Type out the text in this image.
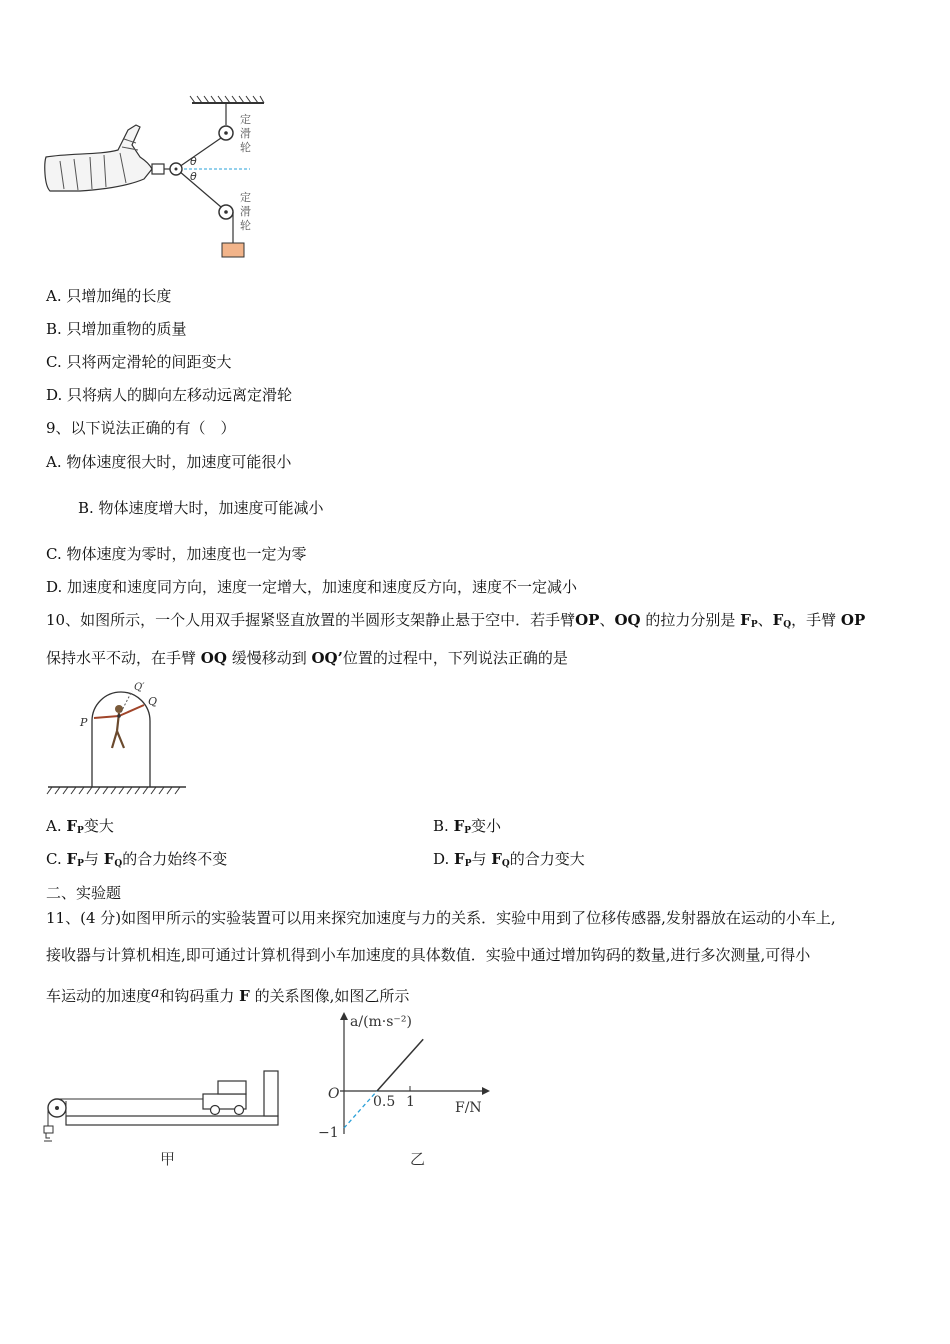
θ
θ
定滑轮
定滑轮
A. 只增加绳的长度
B. 只增加重物的质量
C. 只将两定滑轮的间距变大
D. 只将病人的脚向左移动远离定滑轮
9、以下说法正确的有（　）
A. 物体速度很大时，加速度可能很小
B. 物体速度增大时，加速度可能减小
C. 物体速度为零时，加速度也一定为零
D. 加速度和速度同方向，速度一定增大，加速度和速度反方向，速度不一定减小
10、如图所示，一个人用双手握紧竖直放置的半圆形支架静止悬于空中．若手臂OP、OQ 的拉力分别是 $F_P$、$F_Q$，手臂 OP
保持水平不动，在手臂 OQ 缓慢移动到 OQ’位置的过程中，下列说法正确的是
P
Q
Q′
A. $F_P$变大	B. $F_P$变小
C. $F_P$与 $F_Q$的合力始终不变	D. $F_P$与 $F_Q$的合力变大
二、实验题
11、(4 分)如图甲所示的实验装置可以用来探究加速度与力的关系．实验中用到了位移传感器,发射器放在运动的小车上,
接收器与计算机相连,即可通过计算机得到小车加速度的具体数值．实验中通过增加钩码的数量,进行多次测量,可得小
车运动的加速度a和钩码重力 F 的关系图像,如图乙所示
甲
a/(m·s⁻²)
F/N
O 0.5 1
−1
乙
